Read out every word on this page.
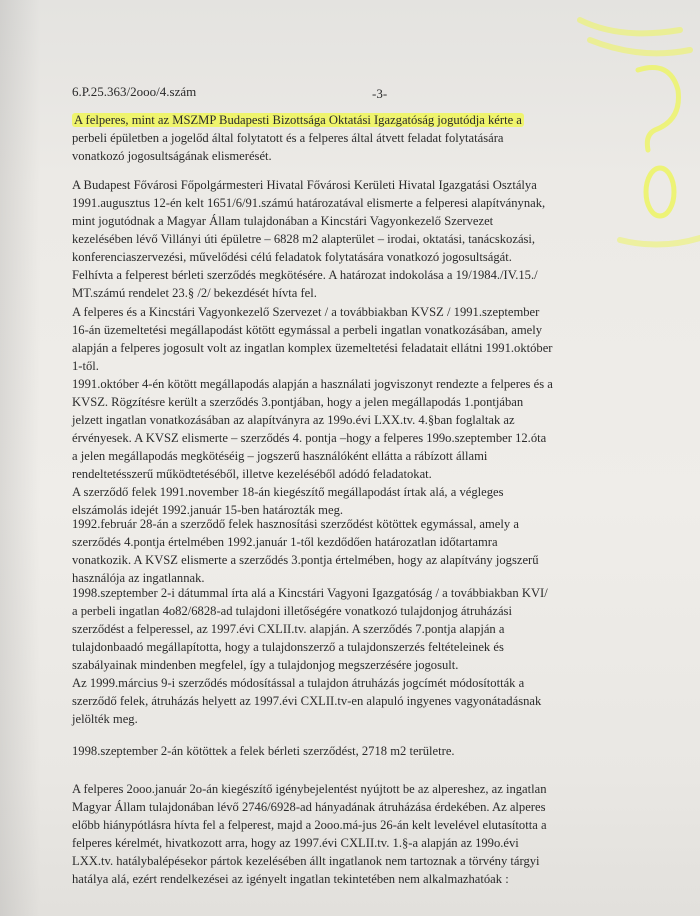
6.P.25.363/2ooo/4.szám	-3-
A felperes, mint az MSZMP Budapesti Bizottsága Oktatási Igazgatóság jogutódja kérte a
perbeli épületben a jogelőd által folytatott és a felperes által átvett feladat folytatására
vonatkozó jogosultságának elismerését.
A Budapest Fővárosi Főpolgármesteri Hivatal Fővárosi Kerületi Hivatal Igazgatási Osztálya
1991.augusztus 12-én kelt 1651/6/91.számú határozatával elismerte a felperesi alapítványnak,
mint jogutódnak a Magyar Állam tulajdonában a Kincstári Vagyonkezelő Szervezet
kezelésében lévő Villányi úti épületre – 6828 m2 alapterület – irodai, oktatási, tanácskozási,
konferenciaszervezési, művelődési célú feladatok folytatására vonatkozó jogosultságát.
Felhívta a felperest bérleti szerződés megkötésére. A határozat indokolása a 19/1984./IV.15./
MT.számú rendelet 23.§ /2/ bekezdését hívta fel.
A felperes és a Kincstári Vagyonkezelő Szervezet / a továbbiakban KVSZ / 1991.szeptember
16-án üzemeltetési megállapodást kötött egymással a perbeli ingatlan vonatkozásában, amely
alapján a felperes jogosult volt az ingatlan komplex üzemeltetési feladatait ellátni 1991.október
1-től.
1991.október 4-én kötött megállapodás alapján a használati jogviszonyt rendezte a felperes és a
KVSZ. Rögzítésre került a szerződés 3.pontjában, hogy a jelen megállapodás 1.pontjában
jelzett ingatlan vonatkozásában az alapítványra az 199o.évi LXX.tv. 4.§ban foglaltak az
érvényesek. A KVSZ elismerte – szerződés 4. pontja –hogy a felperes 199o.szeptember 12.óta
a jelen megállapodás megkötéséig – jogszerű használóként ellátta a rábízott állami
rendeltetésszerű működtetéséből, illetve kezeléséből adódó feladatokat.
A szerződő felek 1991.november 18-án kiegészítő megállapodást írtak alá, a végleges
elszámolás idejét 1992.január 15-ben határozták meg.
1992.február 28-án a szerződő felek hasznosítási szerződést kötöttek egymással, amely a
szerződés 4.pontja értelmében 1992.január 1-től kezdődően határozatlan időtartamra
vonatkozik. A KVSZ elismerte a szerződés 3.pontja értelmében, hogy az alapítvány jogszerű
használója az ingatlannak.
1998.szeptember 2-i dátummal írta alá a Kincstári Vagyoni Igazgatóság / a továbbiakban KVI/
a perbeli ingatlan 4o82/6828-ad tulajdoni illetőségére vonatkozó tulajdonjog átruházási
szerződést a felperessel, az 1997.évi CXLII.tv. alapján. A szerződés 7.pontja alapján a
tulajdonbaadó megállapította, hogy a tulajdonszerző a tulajdonszerzés feltételeinek és
szabályainak mindenben megfelel, így a tulajdonjog megszerzésére jogosult.
Az 1999.március 9-i szerződés módosítással a tulajdon átruházás jogcímét módosították a
szerződő felek, átruházás helyett az 1997.évi CXLII.tv-en alapuló ingyenes vagyonátadásnak
jelölték meg.
1998.szeptember 2-án kötöttek a felek bérleti szerződést, 2718 m2 területre.
A felperes 2ooo.január 2o-án kiegészítő igénybejelentést nyújtott be az alpereshez, az ingatlan
Magyar Állam tulajdonában lévő 2746/6928-ad hányadának átruházása érdekében. Az alperes
előbb hiánypótlásra hívta fel a felperest, majd a 2ooo.má-jus 26-án kelt levelével elutasította a
felperes kérelmét, hivatkozott arra, hogy az 1997.évi CXLII.tv. 1.§-a alapján az 199o.évi
LXX.tv. hatálybalépésekor pártok kezelésében állt ingatlanok nem tartoznak a törvény tárgyi
hatálya alá, ezért rendelkezései az igényelt ingatlan tekintetében nem alkalmazhatóak :
